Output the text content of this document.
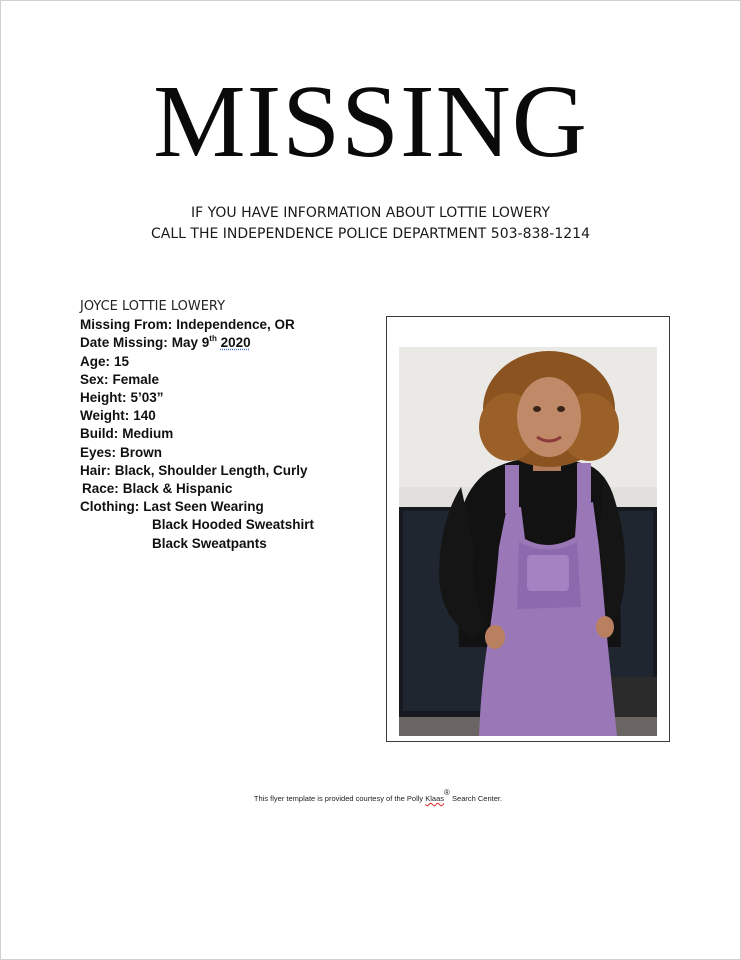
MISSING
IF YOU HAVE INFORMATION ABOUT LOTTIE LOWERY
CALL THE INDEPENDENCE POLICE DEPARTMENT 503-838-1214
JOYCE LOTTIE LOWERY
Missing From: Independence, OR
Date Missing: May 9th 2020
Age: 15
Sex: Female
Height: 5’03”
Weight: 140
Build: Medium
Eyes: Brown
Hair: Black, Shoulder Length, Curly
Race: Black & Hispanic
Clothing: Last Seen Wearing
Black Hooded Sweatshirt
Black Sweatpants
This flyer template is provided courtesy of the Polly Klaas® Search Center.
